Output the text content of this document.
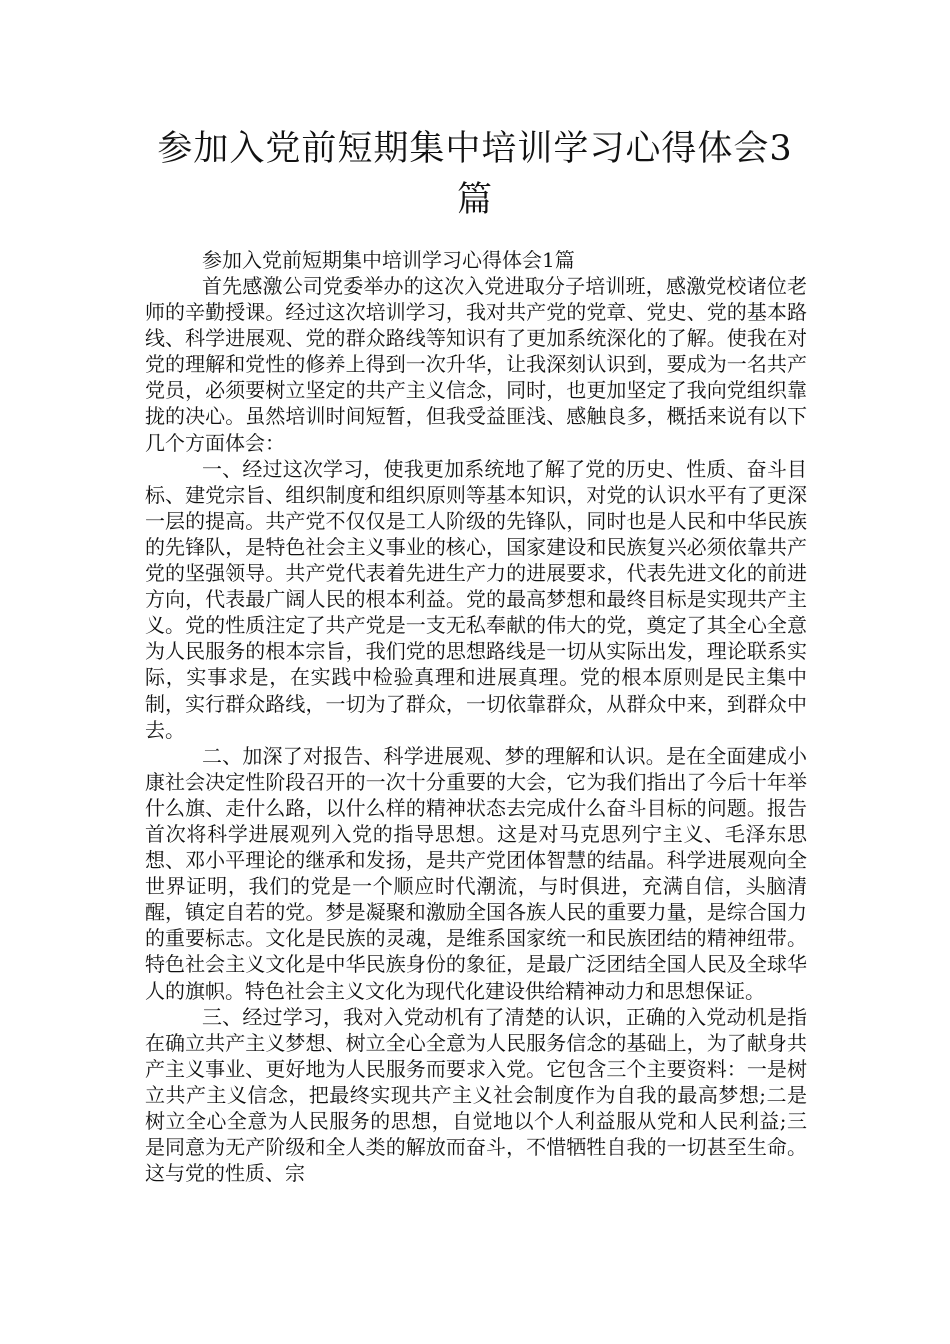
参加入党前短期集中培训学习心得体会3篇
参加入党前短期集中培训学习心得体会1篇

首先感激公司党委举办的这次入党进取分子培训班，感激党校诸位老师的辛勤授课。经过这次培训学习，我对共产党的党章、党史、党的基本路线、科学进展观、党的群众路线等知识有了更加系统深化的了解。使我在对党的理解和党性的修养上得到一次升华，让我深刻认识到，要成为一名共产党员，必须要树立坚定的共产主义信念，同时，也更加坚定了我向党组织靠拢的决心。虽然培训时间短暂，但我受益匪浅、感触良多，概括来说有以下几个方面体会：

一、经过这次学习，使我更加系统地了解了党的历史、性质、奋斗目标、建党宗旨、组织制度和组织原则等基本知识，对党的认识水平有了更深一层的提高。共产党不仅仅是工人阶级的先锋队，同时也是人民和中华民族的先锋队，是特色社会主义事业的核心，国家建设和民族复兴必须依靠共产党的坚强领导。共产党代表着先进生产力的进展要求，代表先进文化的前进方向，代表最广阔人民的根本利益。党的最高梦想和最终目标是实现共产主义。党的性质注定了共产党是一支无私奉献的伟大的党，奠定了其全心全意为人民服务的根本宗旨，我们党的思想路线是一切从实际出发，理论联系实际，实事求是，在实践中检验真理和进展真理。党的根本原则是民主集中制，实行群众路线，一切为了群众，一切依靠群众，从群众中来，到群众中去。

二、加深了对报告、科学进展观、梦的理解和认识。是在全面建成小康社会决定性阶段召开的一次十分重要的大会，它为我们指出了今后十年举什么旗、走什么路，以什么样的精神状态去完成什么奋斗目标的问题。报告首次将科学进展观列入党的指导思想。这是对马克思列宁主义、毛泽东思想、邓小平理论的继承和发扬，是共产党团体智慧的结晶。科学进展观向全世界证明，我们的党是一个顺应时代潮流，与时俱进，充满自信，头脑清醒，镇定自若的党。梦是凝聚和激励全国各族人民的重要力量，是综合国力的重要标志。文化是民族的灵魂，是维系国家统一和民族团结的精神纽带。特色社会主义文化是中华民族身份的象征，是最广泛团结全国人民及全球华人的旗帜。特色社会主义文化为现代化建设供给精神动力和思想保证。

三、经过学习，我对入党动机有了清楚的认识，正确的入党动机是指在确立共产主义梦想、树立全心全意为人民服务信念的基础上，为了献身共产主义事业、更好地为人民服务而要求入党。它包含三个主要资料：一是树立共产主义信念，把最终实现共产主义社会制度作为自我的最高梦想;二是树立全心全意为人民服务的思想，自觉地以个人利益服从党和人民利益;三是同意为无产阶级和全人类的解放而奋斗，不惜牺牲自我的一切甚至生命。这与党的性质、宗
